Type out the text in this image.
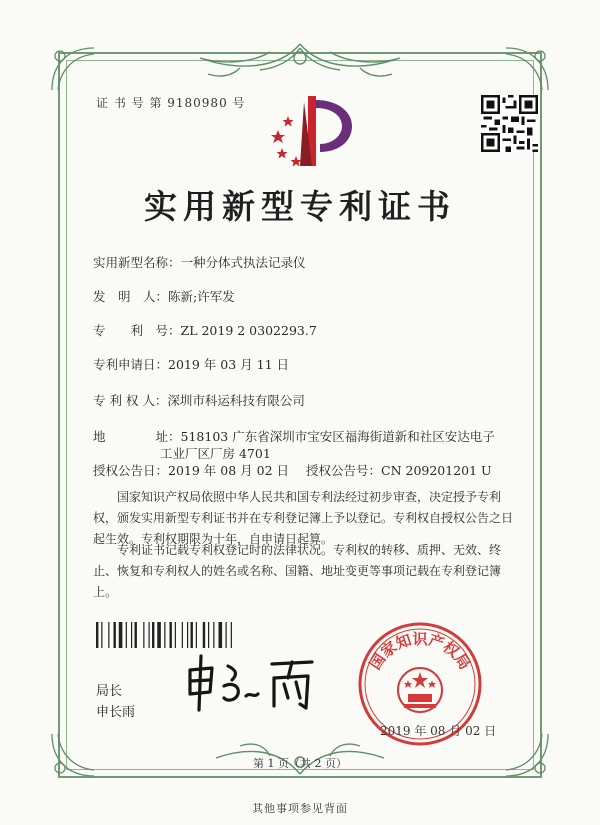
证 书 号 第 9180980 号
实用新型专利证书
实用新型名称：一种分体式执法记录仪
发　明　人：陈新;许军发
专　　利　号：ZL 2019 2 0302293.7
专利申请日：2019 年 03 月 11 日
专 利 权 人：深圳市科运科技有限公司
地　　　　址：518103 广东省深圳市宝安区福海街道新和社区安达电子
工业厂区厂房 4701
授权公告日：2019 年 08 月 02 日 授权公告号：CN 209201201 U
国家知识产权局依照中华人民共和国专利法经过初步审查，决定授予专利权，颁发实用新型专利证书并在专利登记簿上予以登记。专利权自授权公告之日起生效。专利权期限为十年，自申请日起算。
专利证书记载专利权登记时的法律状况。专利权的转移、质押、无效、终止、恢复和专利权人的姓名或名称、国籍、地址变更等事项记载在专利登记簿上。
局长
申长雨
国家知识产权局
2019 年 08 月 02 日
第 1 页（共 2 页）
其他事项参见背面
